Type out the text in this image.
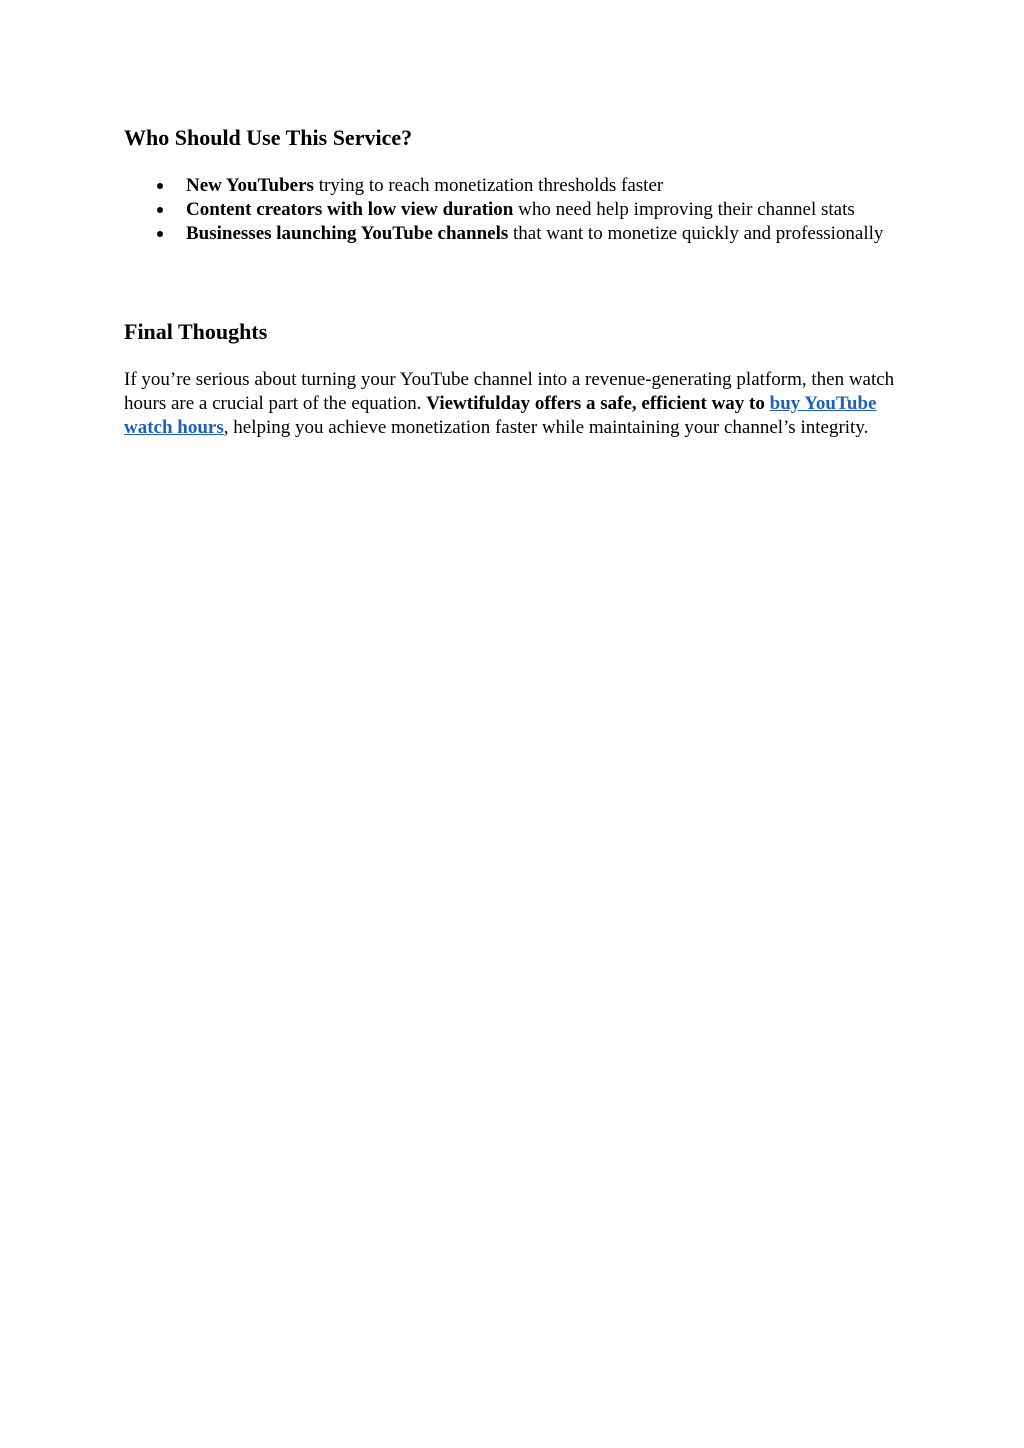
Who Should Use This Service?
New YouTubers trying to reach monetization thresholds faster
Content creators with low view duration who need help improving their channel stats
Businesses launching YouTube channels that want to monetize quickly and professionally
Final Thoughts

If you’re serious about turning your YouTube channel into a revenue-generating platform, then watch hours are a crucial part of the equation. Viewtifulday offers a safe, efficient way to buy YouTube watch hours, helping you achieve monetization faster while maintaining your channel’s integrity.
